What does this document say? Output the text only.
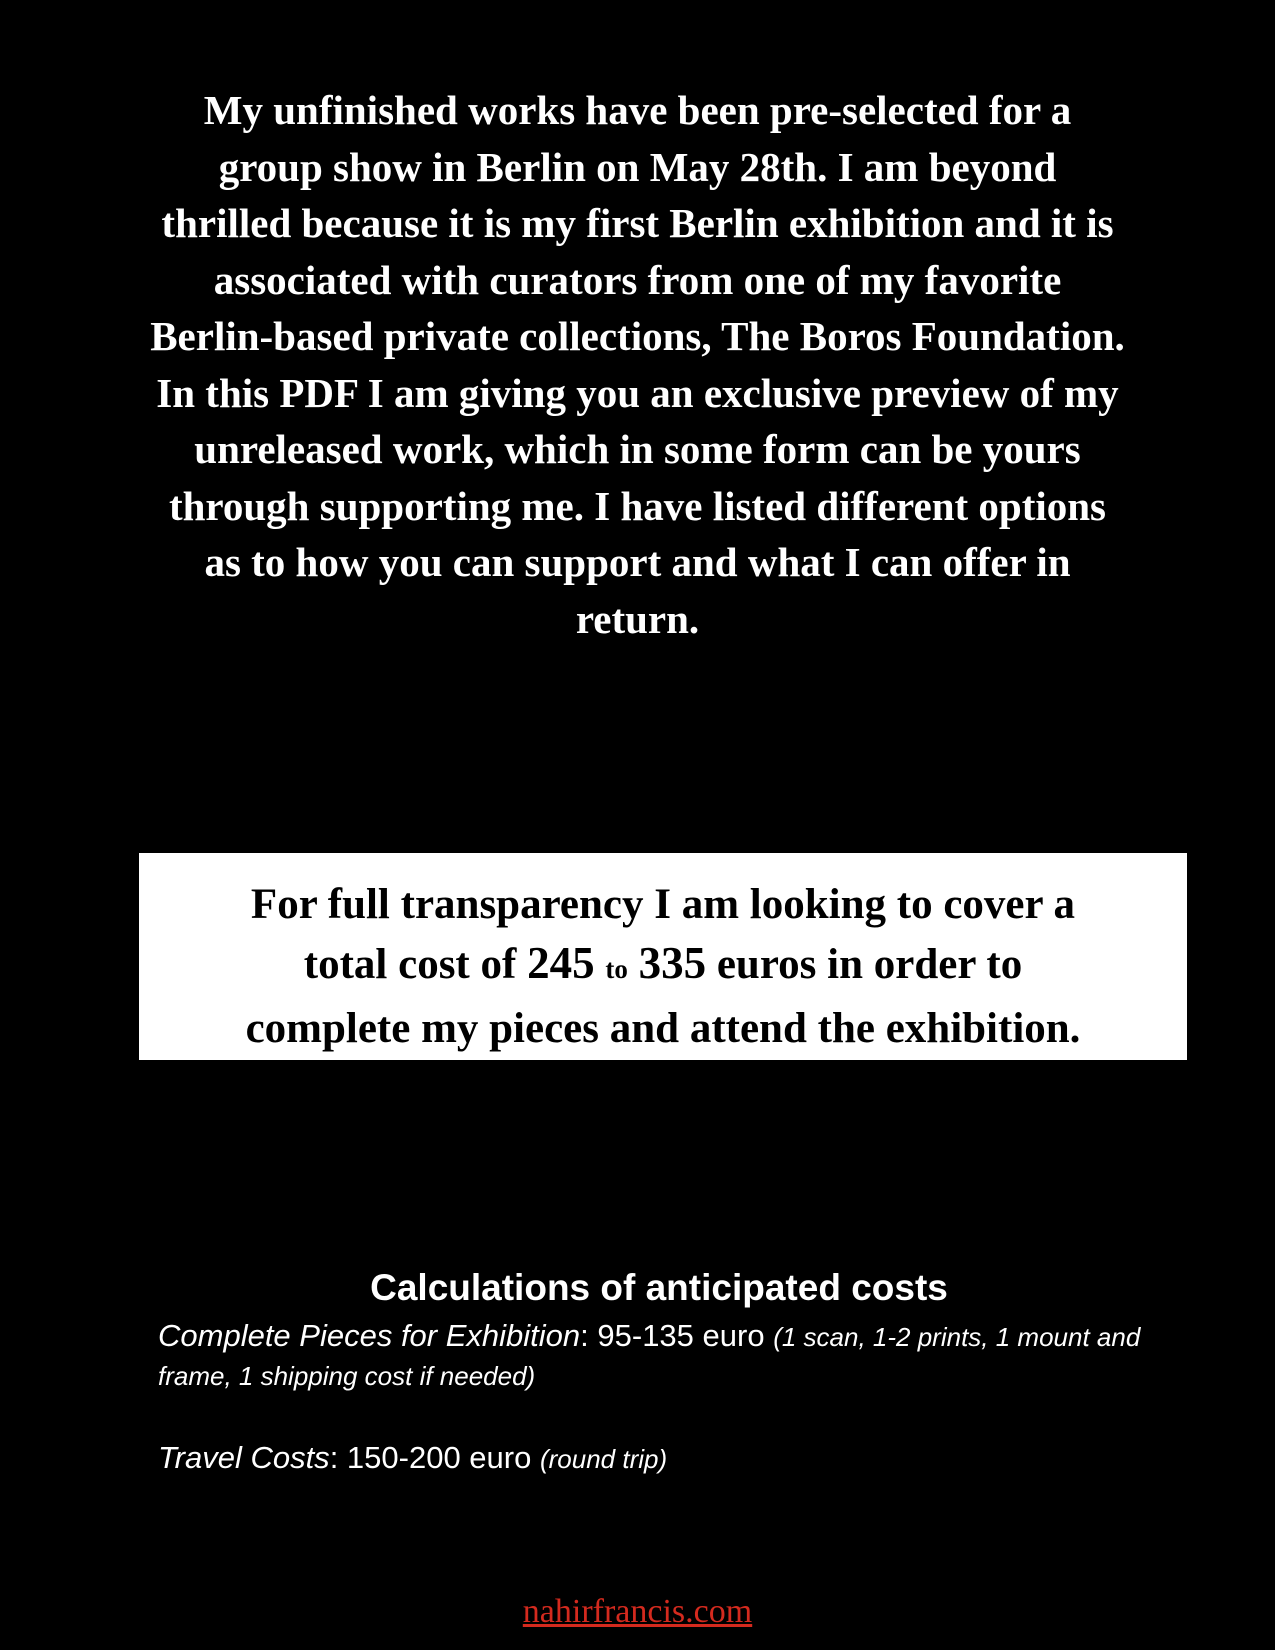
My unfinished works have been pre-selected for a group show in Berlin on May 28th. I am beyond thrilled because it is my first Berlin exhibition and it is associated with curators from one of my favorite Berlin-based private collections, The Boros Foundation. In this PDF I am giving you an exclusive preview of my unreleased work, which in some form can be yours through supporting me. I have listed different options as to how you can support and what I can offer in return.

For full transparency I am looking to cover a
total cost of 245 to 335 euros in order to
complete my pieces and attend the exhibition.
Calculations of anticipated costs

Complete Pieces for Exhibition: 95-135 euro (1 scan, 1-2 prints, 1 mount and frame, 1 shipping cost if needed)

Travel Costs: 150-200 euro (round trip)

nahirfrancis.com
